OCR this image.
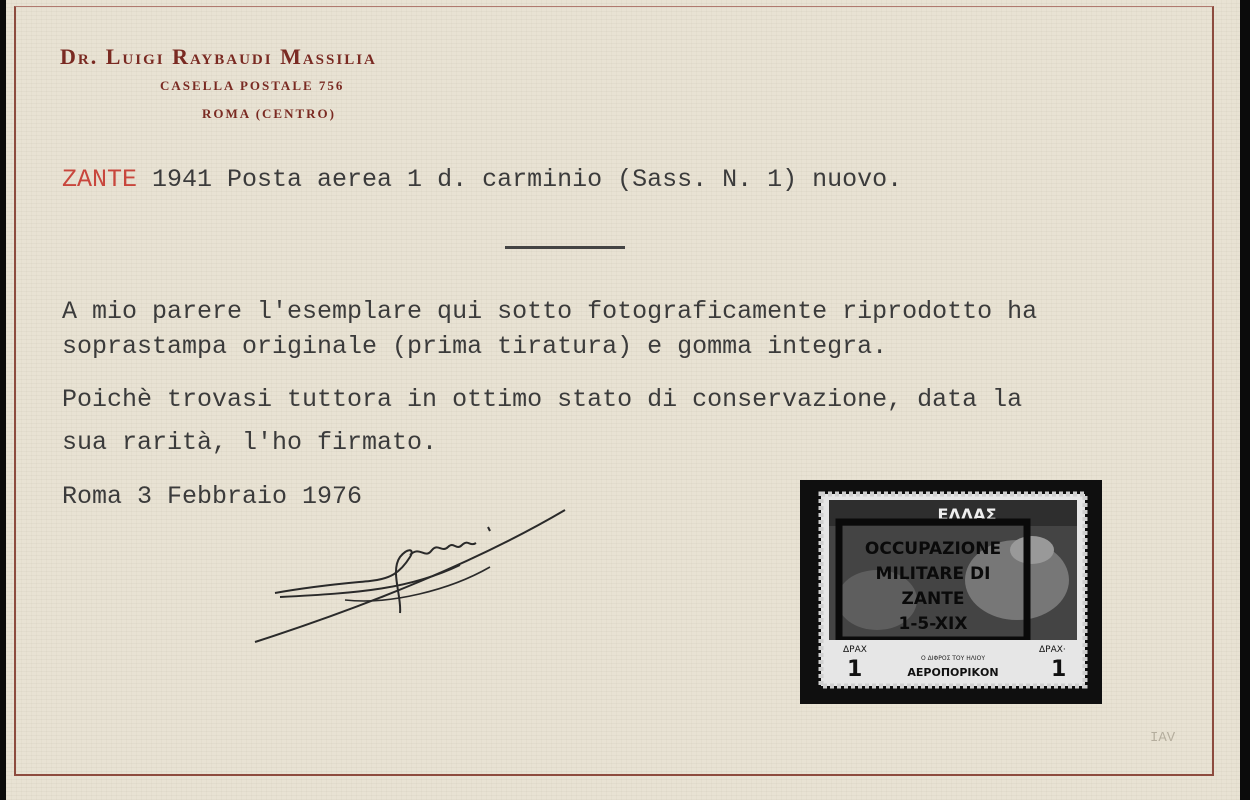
Dr. Luigi Raybaudi Massilia
CASELLA POSTALE 756
ROMA (CENTRO)
ZANTE 1941 Posta aerea 1 d. carminio (Sass. N. 1) nuovo.
A mio parere l'esemplare qui sotto fotograficamente riprodotto ha
soprastampa originale (prima tiratura) e gomma integra.
Poichè trovasi tuttora in ottimo stato di conservazione, data la
sua rarità, l'ho firmato.
Roma 3 Febbraio 1976
ΕΛΛΑΣ
OCCUPAZIONE
MILITARE DI
ZANTE
1-5-XIX
ΔΡΑΧ	ΔΡΑΧ·
1	1
Ο ΔΙΦΡΟΣ ΤΟΥ ΗΛΙΟΥ
ΑΕΡΟΠΟΡΙΚΟΝ
IAV
